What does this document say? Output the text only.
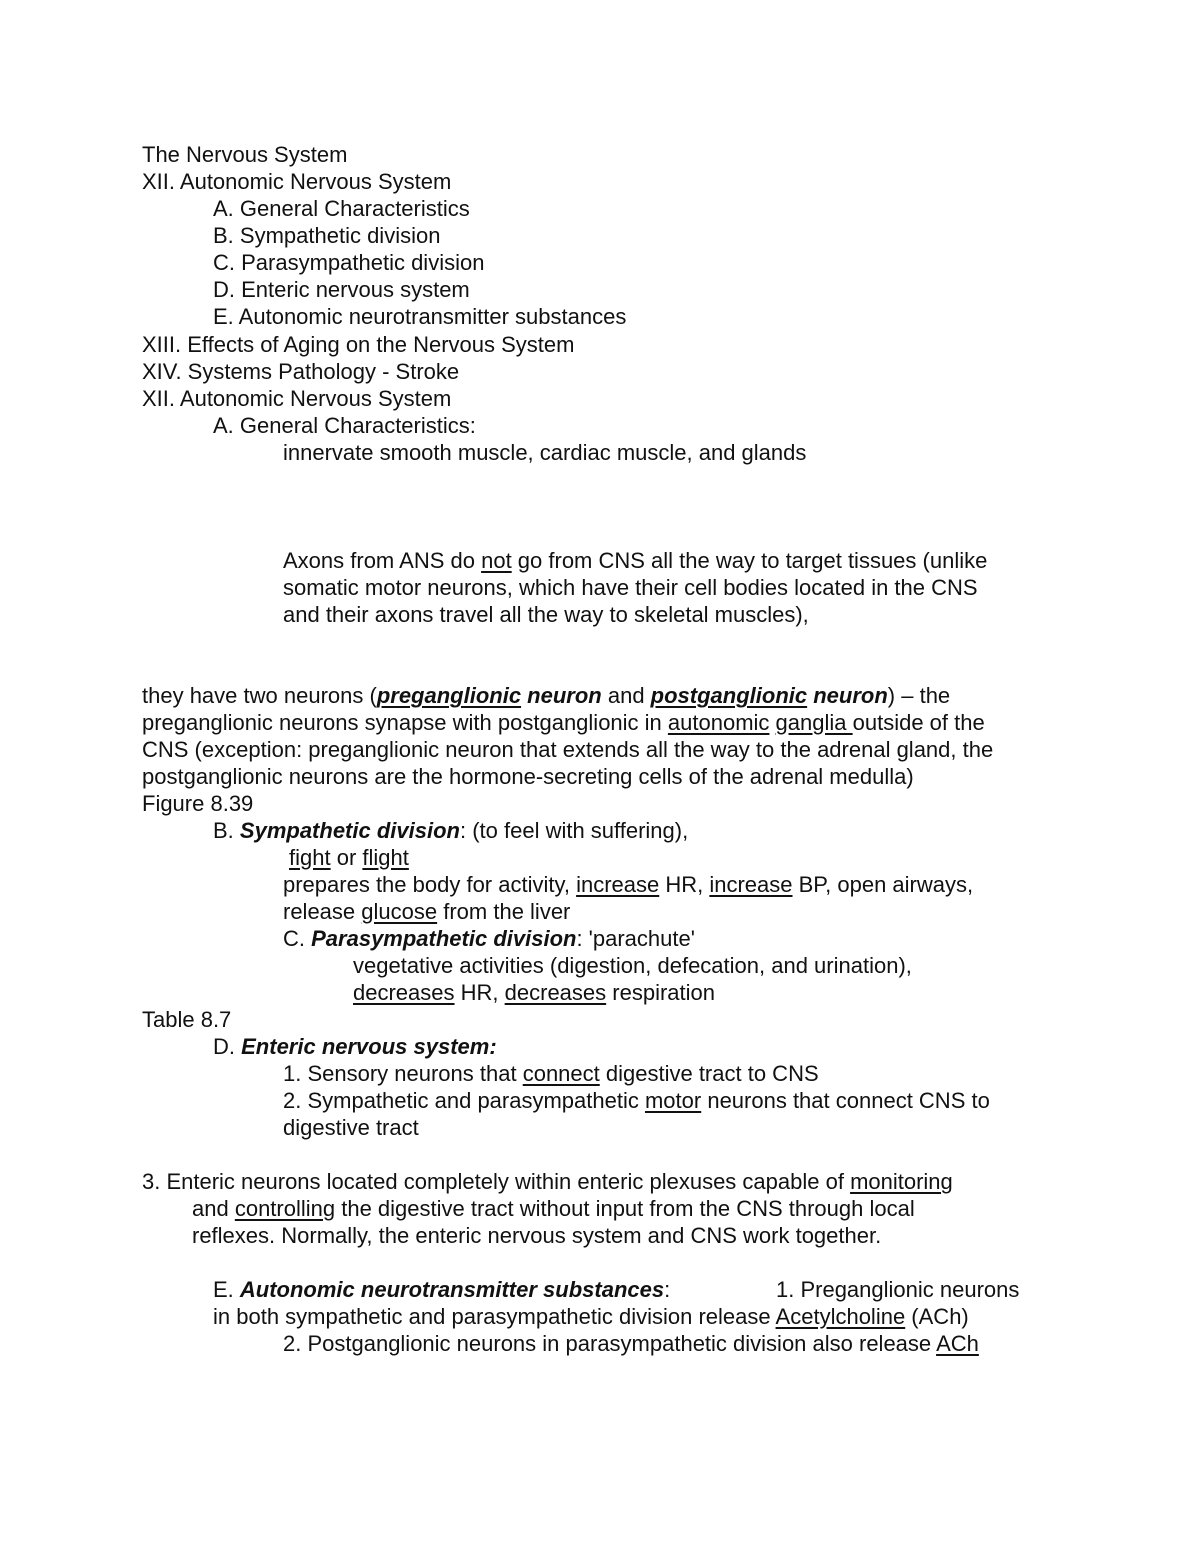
The Nervous System
XII. Autonomic Nervous System
A. General Characteristics
B. Sympathetic division
C. Parasympathetic division
D. Enteric nervous system
E. Autonomic neurotransmitter substances
XIII. Effects of Aging on the Nervous System
XIV. Systems Pathology - Stroke
XII. Autonomic Nervous System
A. General Characteristics:
innervate smooth muscle, cardiac muscle, and glands
Axons from ANS do not go from CNS all the way to target tissues (unlike
somatic motor neurons, which have their cell bodies located in the CNS
and their axons travel all the way to skeletal muscles),
they have two neurons (preganglionic neuron and postganglionic neuron) – the
preganglionic neurons synapse with postganglionic in autonomic ganglia outside of the
CNS (exception: preganglionic neuron that extends all the way to the adrenal gland, the
postganglionic neurons are the hormone-secreting cells of the adrenal medulla)
Figure 8.39
B. Sympathetic division: (to feel with suffering),
fight or flight
prepares the body for activity, increase HR, increase BP, open airways,
release glucose from the liver
C. Parasympathetic division: 'parachute'
vegetative activities (digestion, defecation, and urination),
decreases HR, decreases respiration
Table 8.7
D. Enteric nervous system:
1. Sensory neurons that connect digestive tract to CNS
2. Sympathetic and parasympathetic motor neurons that connect CNS to
digestive tract
3. Enteric neurons located completely within enteric plexuses capable of monitoring
and controlling the digestive tract without input from the CNS through local
reflexes. Normally, the enteric nervous system and CNS work together.
E. Autonomic neurotransmitter substances:	1. Preganglionic neurons
in both sympathetic and parasympathetic division release Acetylcholine (ACh)
2. Postganglionic neurons in parasympathetic division also release ACh
